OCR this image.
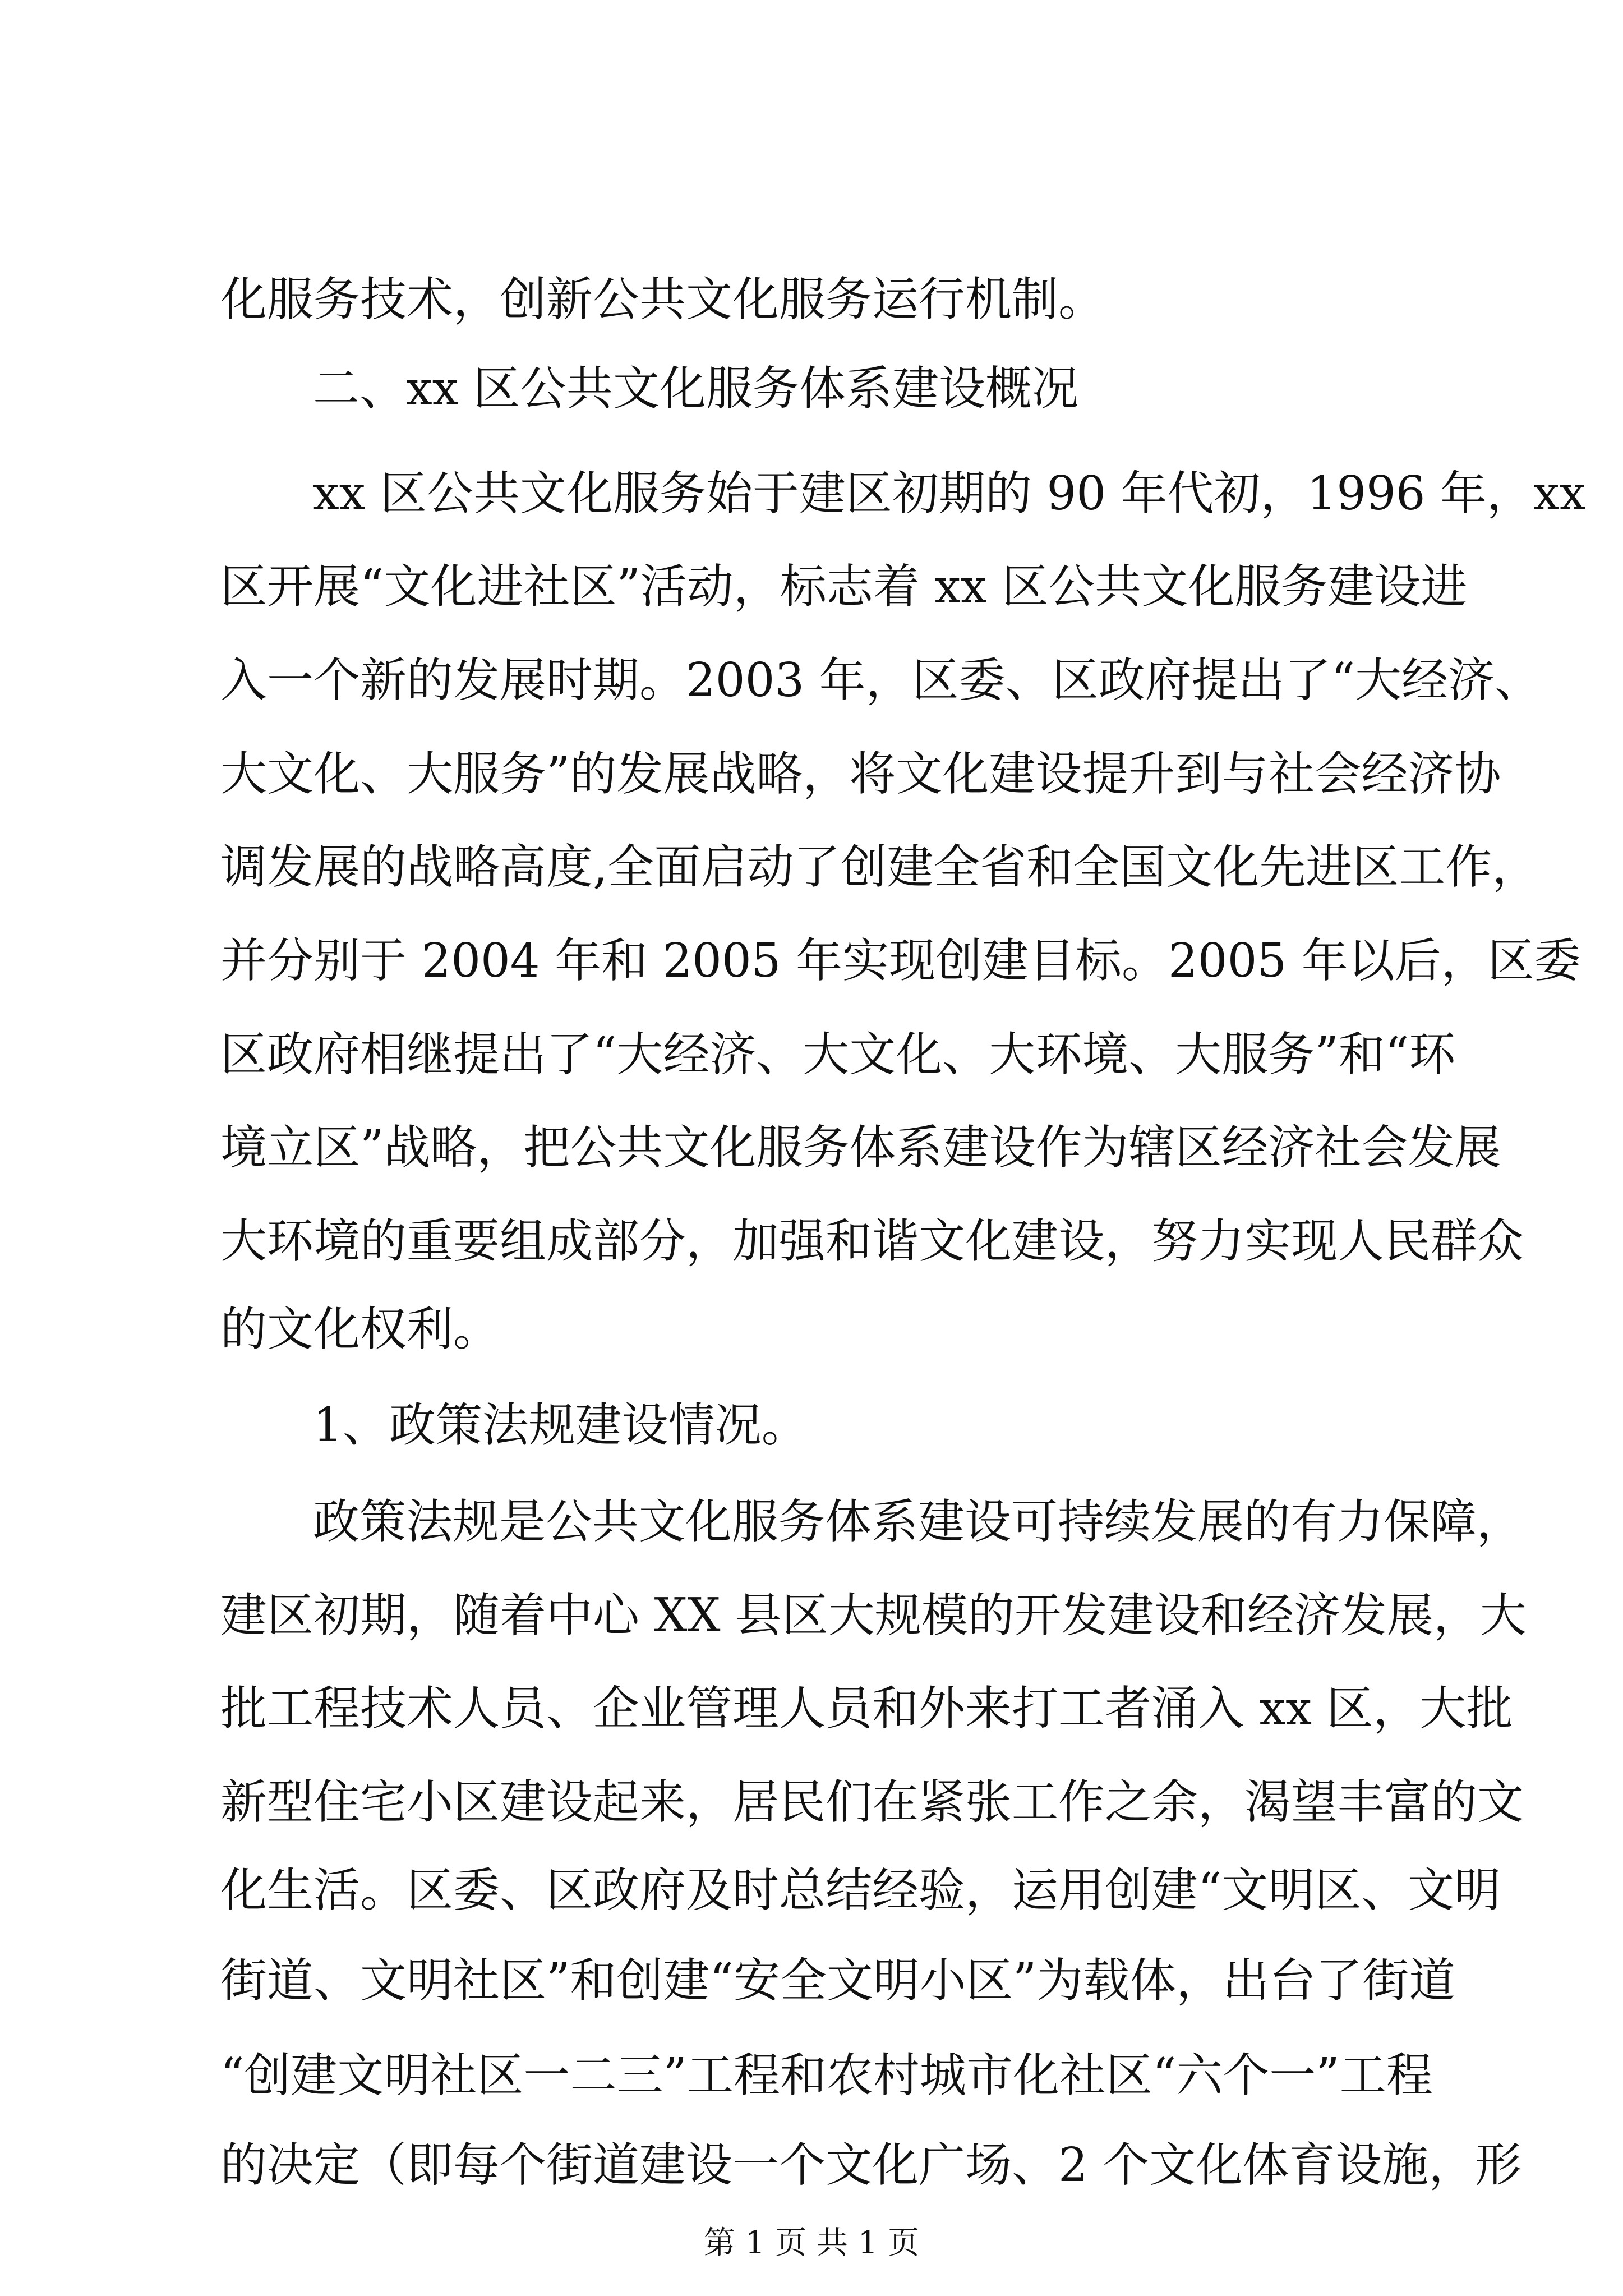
化服务技术，创新公共文化服务运行机制。
二、xx 区公共文化服务体系建设概况
xx 区公共文化服务始于建区初期的 90 年代初，1996 年，xx
区开展“文化进社区”活动，标志着 xx 区公共文化服务建设进
入一个新的发展时期。2003 年，区委、区政府提出了“大经济、
大文化、大服务”的发展战略，将文化建设提升到与社会经济协
调发展的战略高度,全面启动了创建全省和全国文化先进区工作，
并分别于 2004 年和 2005 年实现创建目标。2005 年以后，区委
区政府相继提出了“大经济、大文化、大环境、大服务”和“环
境立区”战略，把公共文化服务体系建设作为辖区经济社会发展
大环境的重要组成部分，加强和谐文化建设，努力实现人民群众
的文化权利。
1、政策法规建设情况。
政策法规是公共文化服务体系建设可持续发展的有力保障，
建区初期，随着中心 XX 县区大规模的开发建设和经济发展，大
批工程技术人员、企业管理人员和外来打工者涌入 xx 区，大批
新型住宅小区建设起来，居民们在紧张工作之余，渴望丰富的文
化生活。区委、区政府及时总结经验，运用创建“文明区、文明
街道、文明社区”和创建“安全文明小区”为载体，出台了街道
“创建文明社区一二三”工程和农村城市化社区“六个一”工程
的决定（即每个街道建设一个文化广场、2 个文化体育设施，形
第 1 页 共 1 页
